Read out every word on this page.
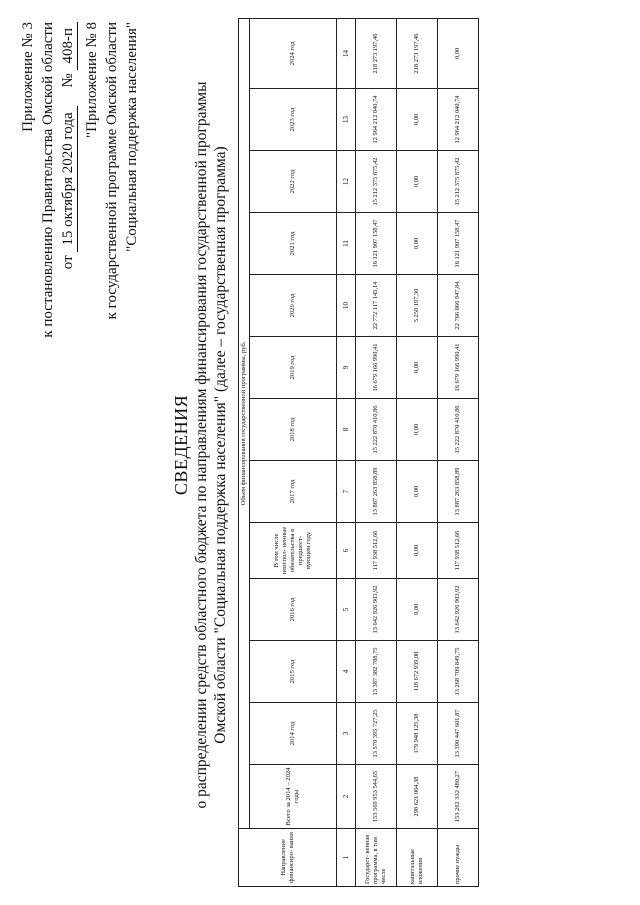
Приложение № 3 к постановлению Правительства Омской области от 15 октября 2020 года     № 408-п "Приложение № 8 к государственной программе Омской области "Социальная поддержка населения"
СВЕДЕНИЯ о распределении средств областного бюджета по направлениям финансирования государственной программы Омской области "Социальная поддержка населения" (далее – государственная программа)
Направление финансиро- вания	Объем финансирования государственной программы, руб.												
	Всего за 2014 – 2024 годы	2014 год	2015 год	2016 год	В том числе неиспол- ненные обязательства в предшест- вующем году	2017 год	2018 год	2019 год	2020 год	2021 год	2022 год	2023 год	2024 год
1	2	3	4	5	6	7	8	9	10	11	12	13	14
Государст- венная программа, в том числе	153 569 953 544,65	13 570 395 727,25	13 387 382 788,75	13 642 926 903,92	117 938 512,66	13 887 263 858,89	15 222 870 410,86	16 679 166 990,41	22 772 117 145,14	16 121 907 158,47	15 212 375 875,42	12 964 212 040,74	218 273 197,46
капитальные вложения	298 621 064,38	179 948 125,38	118 672 939,00	0,00	0,00	0,00	0,00	0,00	5 250 197,30	0,00	0,00	0,00	218 273 197,46
прочие нужды	153 262 332 480,27	13 390 447 601,87	13 268 709 849,75	13 642 926 903,92	117 938 512,66	13 887 263 858,89	15 222 870 410,86	16 679 166 990,41	22 766 866 947,84	16 121 907 158,47	15 212 375 875,42	12 964 212 040,74	0,00
